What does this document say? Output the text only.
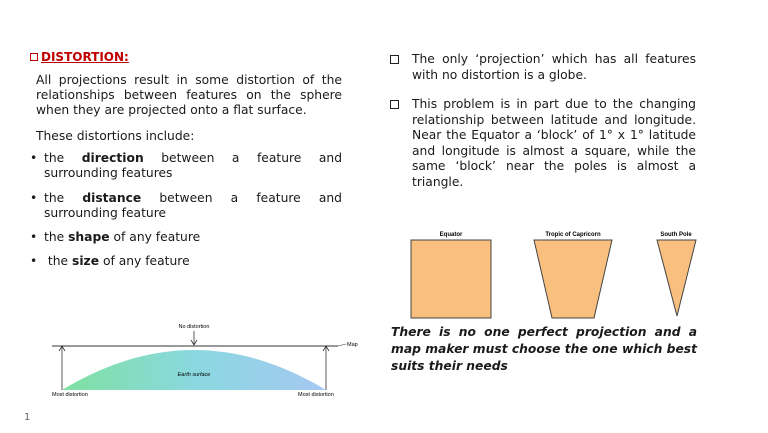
DISTORTION:
All projections result in some distortion of the relationships between features on the sphere when they are projected onto a flat surface.
These distortions include:
• the direction between a feature and surrounding features
• the distance between a feature and surrounding feature
• the shape of any feature
• the size of any feature
No distortion
Map
Earth surface
Most distortion	Most distortion
The only ‘projection’ which has all features with no distortion is a globe.
This problem is in part due to the changing relationship between latitude and longitude. Near the Equator a ‘block’ of 1° x 1° latitude and longitude is almost a square, while the same ‘block’ near the poles is almost a triangle.
Equator	Tropic of Capricorn	South Pole
There is no one perfect projection and a map maker must choose the one which best suits their needs
1
